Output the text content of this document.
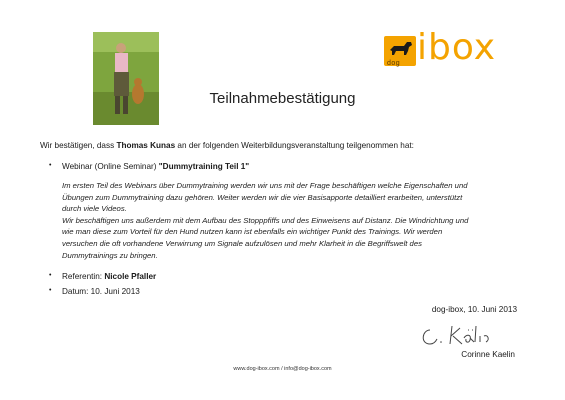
dog ibox
Teilnahmebestätigung
Wir bestätigen, dass Thomas Kunas an der folgenden Weiterbildungsveranstaltung teilgenommen hat:
• Webinar (Online Seminar) "Dummytraining Teil 1"
Im ersten Teil des Webinars über Dummytraining werden wir uns mit der Frage beschäftigen welche Eigenschaften und
Übungen zum Dummytraining dazu gehören. Weiter werden wir die vier Basisapporte detailliert erarbeiten, unterstützt
durch viele Videos.
Wir beschäftigen uns außerdem mit dem Aufbau des Stopppfiffs und des Einweisens auf Distanz. Die Windrichtung und
wie man diese zum Vorteil für den Hund nutzen kann ist ebenfalls ein wichtiger Punkt des Trainings. Wir werden
versuchen die oft vorhandene Verwirrung um Signale aufzulösen und mehr Klarheit in die Begriffswelt des
Dummytrainings zu bringen.
• Referentin: Nicole Pfaller
• Datum: 10. Juni 2013
dog-ibox, 10. Juni 2013
Corinne Kaelin
www.dog-ibox.com / info@dog-ibox.com
